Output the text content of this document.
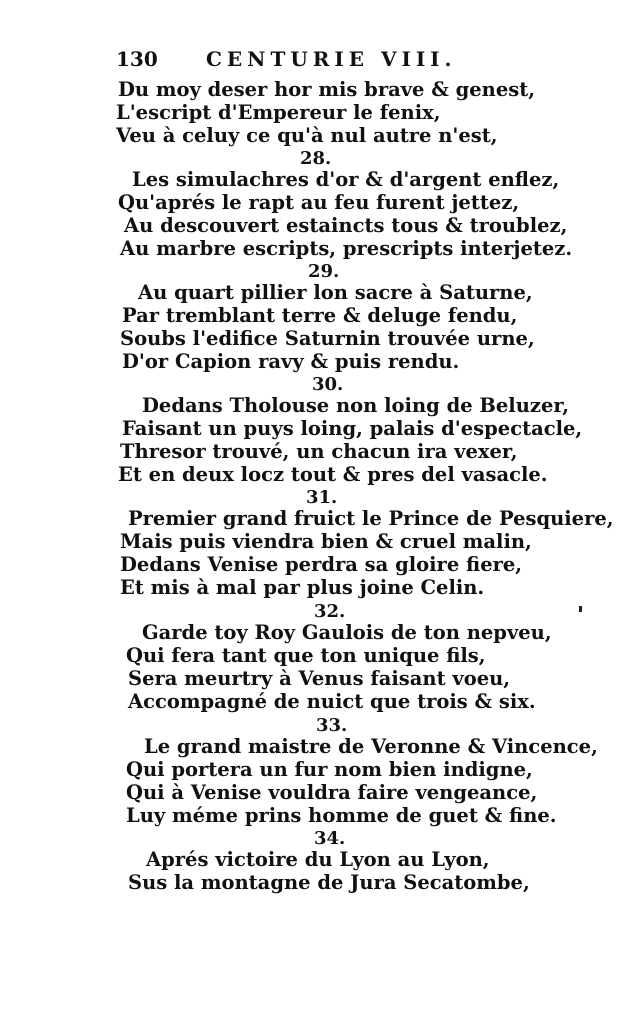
130 CENTURIE VIII.
Du moy deser hor mis brave & genest,
L'escript d'Empereur le fenix,
Veu à celuy ce qu'à nul autre n'est,
28.
Les simulachres d'or & d'argent enflez,
Qu'aprés le rapt au feu furent jettez,
Au descouvert estaincts tous & troublez,
Au marbre escripts, prescripts interjetez.
29.
Au quart pillier lon sacre à Saturne,
Par tremblant terre & deluge fendu,
Soubs l'edifice Saturnin trouvée urne,
D'or Capion ravy & puis rendu.
30.
Dedans Tholouse non loing de Beluzer,
Faisant un puys loing, palais d'espectacle,
Thresor trouvé, un chacun ira vexer,
Et en deux locz tout & pres del vasacle.
31.
Premier grand fruict le Prince de Pesquiere,
Mais puis viendra bien & cruel malin,
Dedans Venise perdra sa gloire fiere,
Et mis à mal par plus joine Celin.
32.
Garde toy Roy Gaulois de ton nepveu,
Qui fera tant que ton unique fils,
Sera meurtry à Venus faisant voeu,
Accompagné de nuict que trois & six.
33.
Le grand maistre de Veronne & Vincence,
Qui portera un fur nom bien indigne,
Qui à Venise vouldra faire vengeance,
Luy méme prins homme de guet & fine.
34.
Aprés victoire du Lyon au Lyon,
Sus la montagne de Jura Secatombe,
